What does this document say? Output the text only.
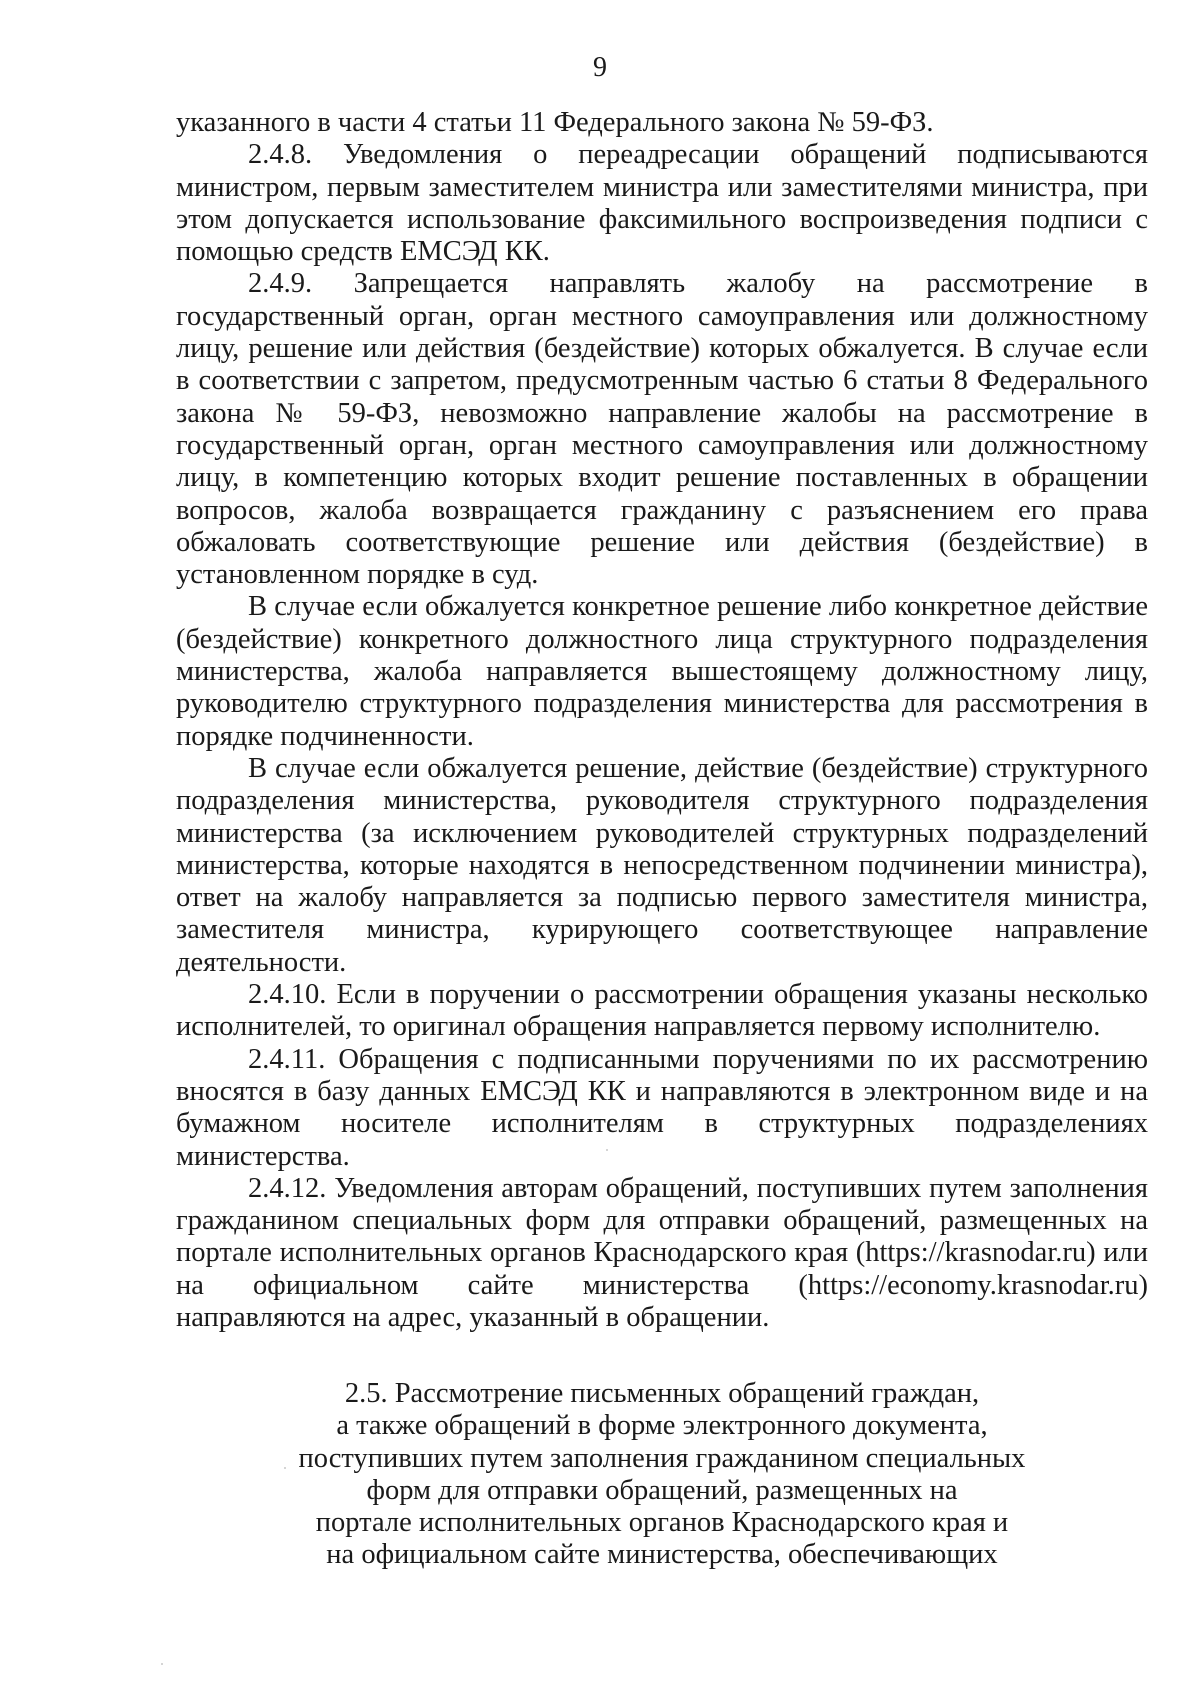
9

указанного в части 4 статьи 11 Федерального закона № 59-ФЗ.

2.4.8. Уведомления о переадресации обращений подписываются министром, первым заместителем министра или заместителями министра, при этом допускается использование факсимильного воспроизведения подписи с помощью средств ЕМСЭД КК.

2.4.9. Запрещается направлять жалобу на рассмотрение в государственный орган, орган местного самоуправления или должностному лицу, решение или действия (бездействие) которых обжалуется. В случае если в соответствии с запретом, предусмотренным частью 6 статьи 8 Федерального закона № 59-ФЗ, невозможно направление жалобы на рассмотрение в государственный орган, орган местного самоуправления или должностному лицу, в компетенцию которых входит решение поставленных в обращении вопросов, жалоба возвращается гражданину с разъяснением его права обжаловать соответствующие решение или действия (бездействие) в установленном порядке в суд.

В случае если обжалуется конкретное решение либо конкретное действие (бездействие) конкретного должностного лица структурного подразделения министерства, жалоба направляется вышестоящему должностному лицу, руководителю структурного подразделения министерства для рассмотрения в порядке подчиненности.

В случае если обжалуется решение, действие (бездействие) структурного подразделения министерства, руководителя структурного подразделения министерства (за исключением руководителей структурных подразделений министерства, которые находятся в непосредственном подчинении министра), ответ на жалобу направляется за подписью первого заместителя министра, заместителя министра, курирующего соответствующее направление деятельности.

2.4.10. Если в поручении о рассмотрении обращения указаны несколько исполнителей, то оригинал обращения направляется первому исполнителю.

2.4.11. Обращения с подписанными поручениями по их рассмотрению вносятся в базу данных ЕМСЭД КК и направляются в электронном виде и на бумажном носителе исполнителям в структурных подразделениях министерства.

2.4.12. Уведомления авторам обращений, поступивших путем заполнения гражданином специальных форм для отправки обращений, размещенных на портале исполнительных органов Краснодарского края (https://krasnodar.ru) или на официальном сайте министерства (https://economy.krasnodar.ru) направляются на адрес, указанный в обращении.

2.5. Рассмотрение письменных обращений граждан,
а также обращений в форме электронного документа,
поступивших путем заполнения гражданином специальных
форм для отправки обращений, размещенных на
портале исполнительных органов Краснодарского края и
на официальном сайте министерства, обеспечивающих
